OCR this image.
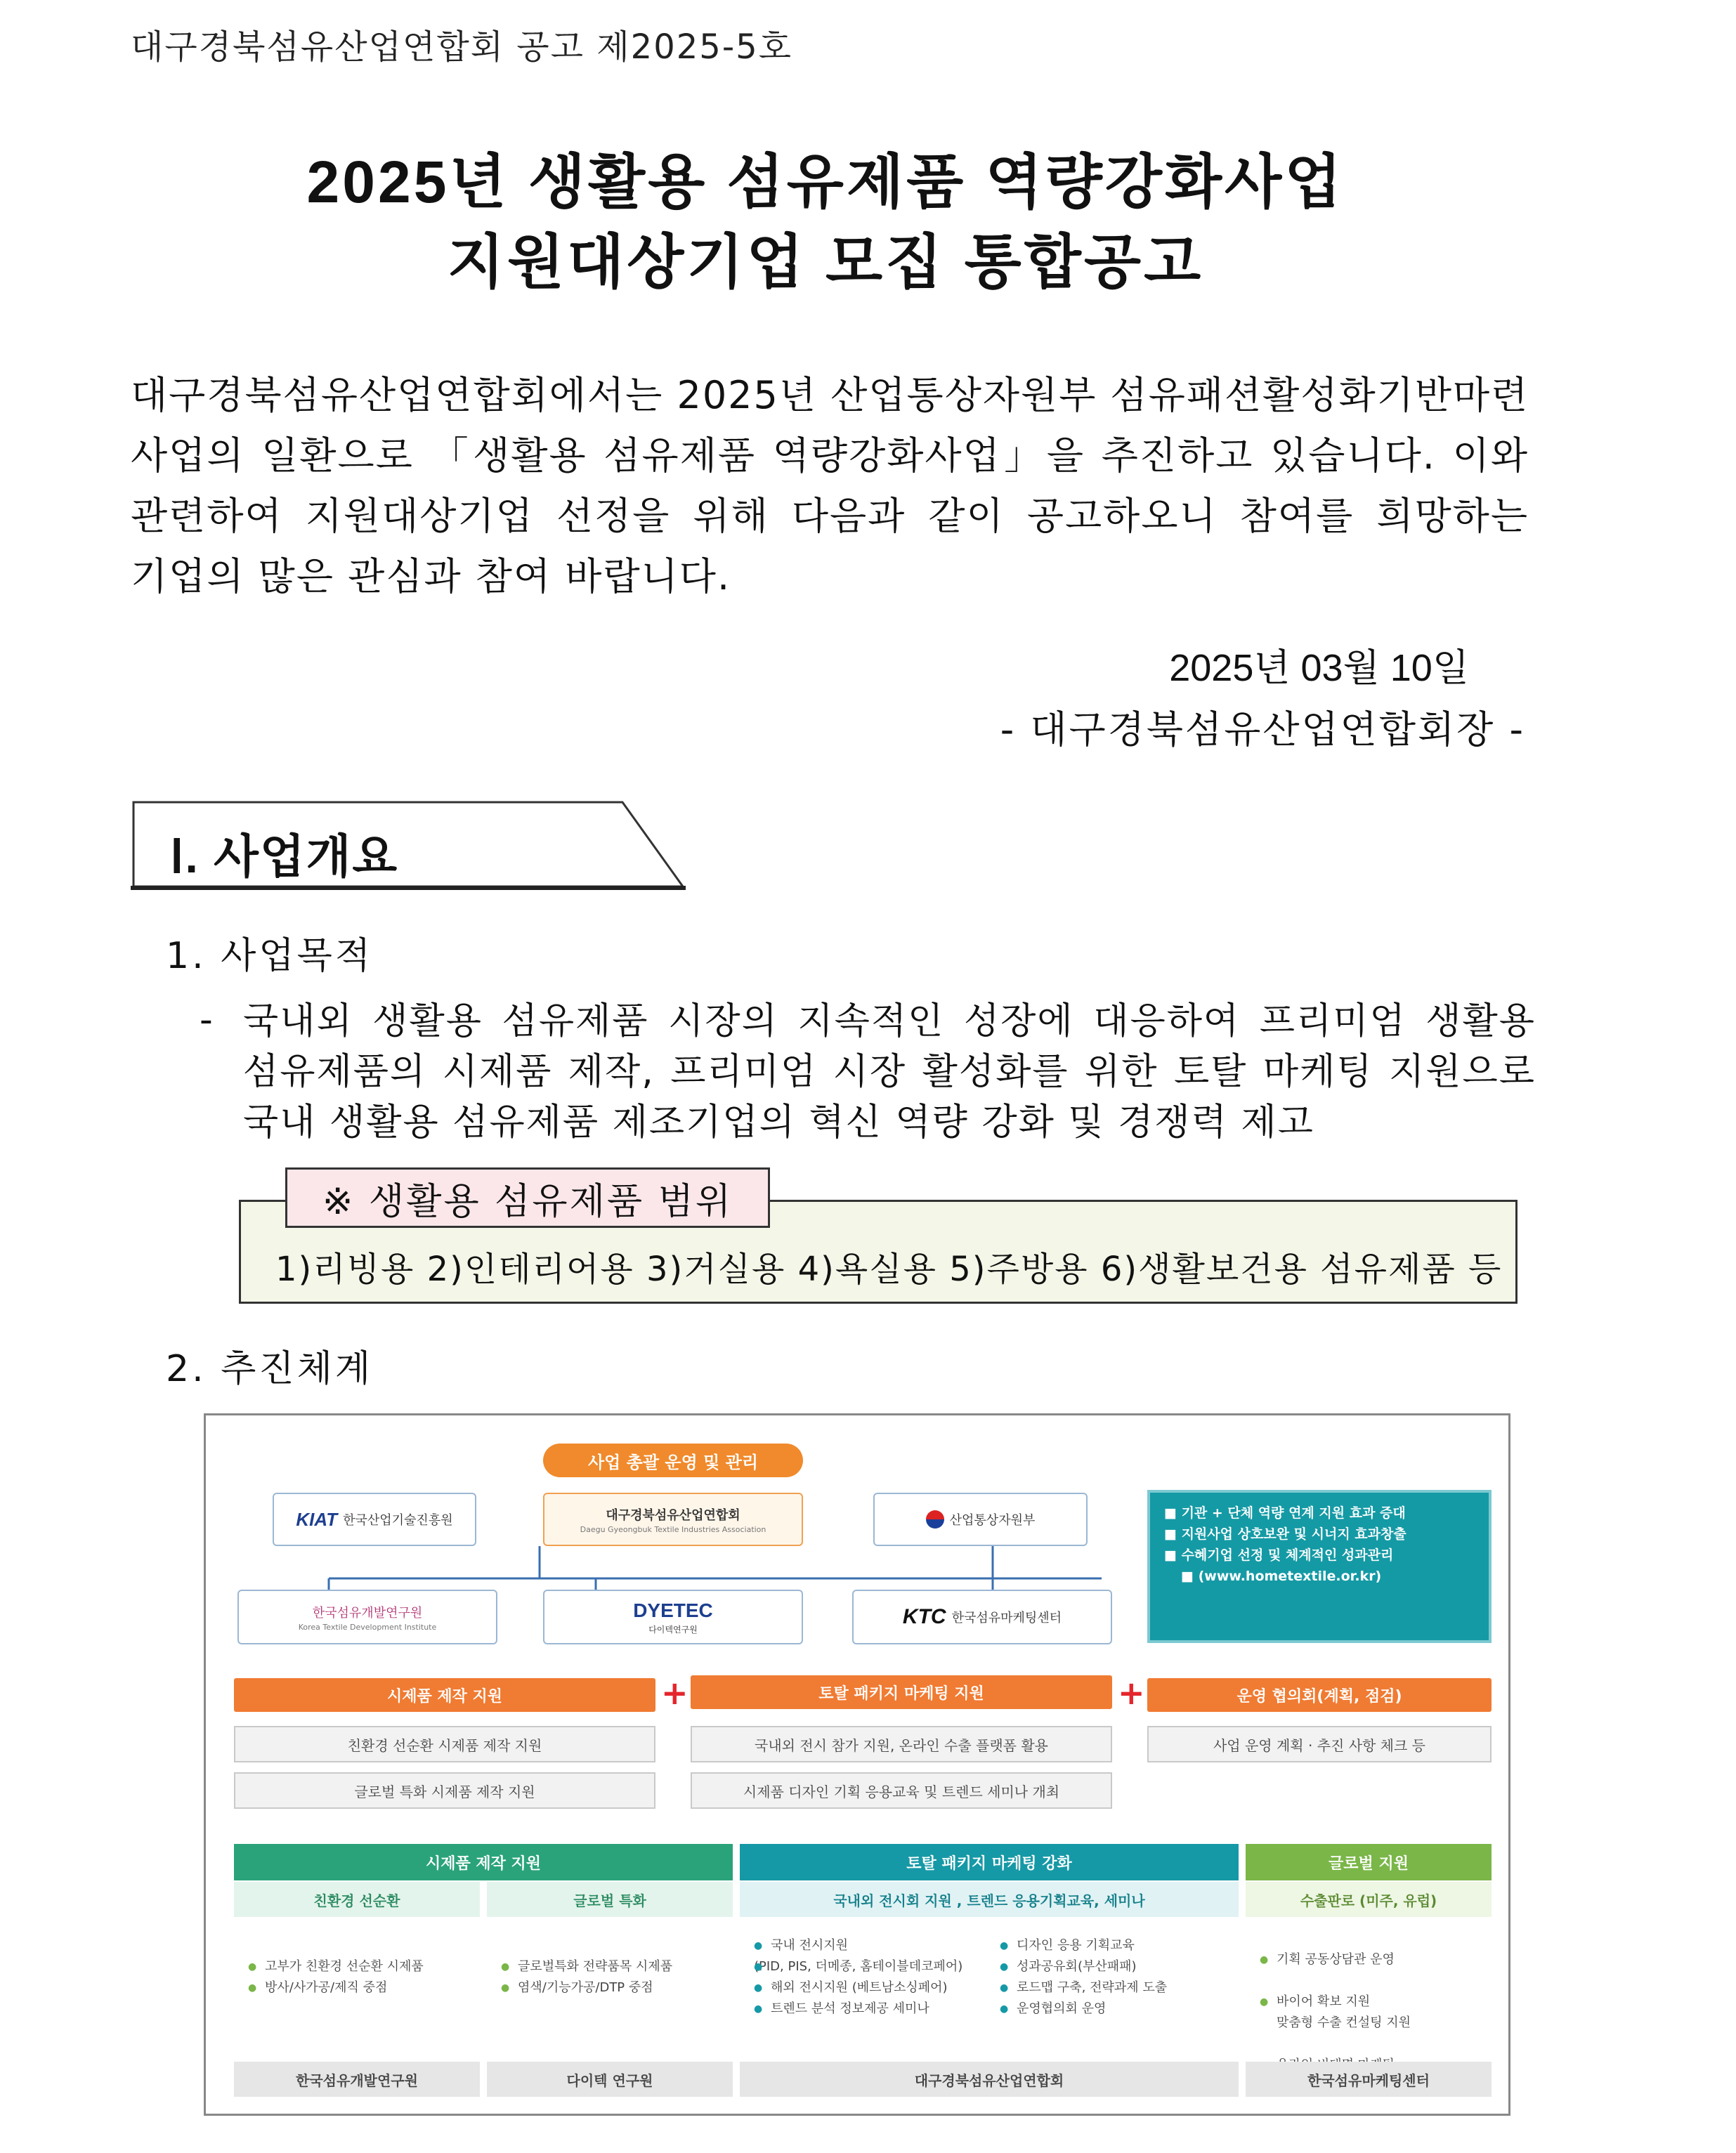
대구경북섬유산업연합회 공고 제2025-5호
2025년 생활용 섬유제품 역량강화사업
지원대상기업 모집 통합공고
대구경북섬유산업연합회에서는 2025년 산업통상자원부 섬유패션활성화기반마련
사업의 일환으로 「생활용 섬유제품 역량강화사업」을 추진하고 있습니다. 이와
관련하여 지원대상기업 선정을 위해 다음과 같이 공고하오니 참여를 희망하는
기업의 많은 관심과 참여 바랍니다.
2025년 03월 10일
- 대구경북섬유산업연합회장 -
Ⅰ. 사업개요
1. 사업목적
- 국내외 생활용 섬유제품 시장의 지속적인 성장에 대응하여 프리미엄 생활용
섬유제품의 시제품 제작, 프리미엄 시장 활성화를 위한 토탈 마케팅 지원으로
국내 생활용 섬유제품 제조기업의 혁신 역량 강화 및 경쟁력 제고
※ 생활용 섬유제품 범위
1)리빙용 2)인테리어용 3)거실용 4)욕실용 5)주방용 6)생활보건용 섬유제품 등
2. 추진체계
사업 총괄 운영 및 관리
KIAT 한국산업기술진흥원	대구경북섬유산업연합회
Daegu Gyeongbuk Textile Industries Association
산업통상자원부
한국섬유개발연구원
Korea Textile Development Institute
DYETEC
다이텍연구원
KTC 한국섬유마케팅센터
■ 기관 + 단체 역량 연계 지원 효과 증대
■ 지원사업 상호보완 및 시너지 효과창출
■ 수혜기업 선정 및 체계적인 성과관리
■ (www.hometextile.or.kr)
시제품 제작 지원	+	토탈 패키지 마케팅 지원	+	운영 협의회(계획, 점검)
친환경 선순환 시제품 제작 지원
글로벌 특화 시제품 제작 지원
국내외 전시 참가 지원, 온라인 수출 플랫폼 활용
시제품 디자인 기획 응용교육 및 트렌드 세미나 개최
사업 운영 계획 · 추진 사항 체크 등
시제품 제작 지원
친환경 선순환	글로벌 특화
● 고부가 친환경 선순환 시제품
● 방사/사가공/제직 중점
● 글로벌특화 전략품목 시제품
● 염색/기능가공/DTP 중점
한국섬유개발연구원	다이텍 연구원
토탈 패키지 마케팅 강화
국내외 전시회 지원 , 트렌드 응용기획교육, 세미나
● 국내 전시지원
● (PID, PIS, 더메종, 홈테이블데코페어)
● 해외 전시지원 (베트남소싱페어)
● 트렌드 분석 정보제공 세미나
● 디자인 응용 기획교육
● 성과공유회(부산패패)
● 로드맵 구축, 전략과제 도출
● 운영협의회 운영
대구경북섬유산업연합회
글로벌 지원
수출판로 (미주, 유럽)

● 기획 공동상담관 운영

● 바이어 확보 지원
맞춤형 수출 컨설팅 지원

●

한국섬유마케팅센터
